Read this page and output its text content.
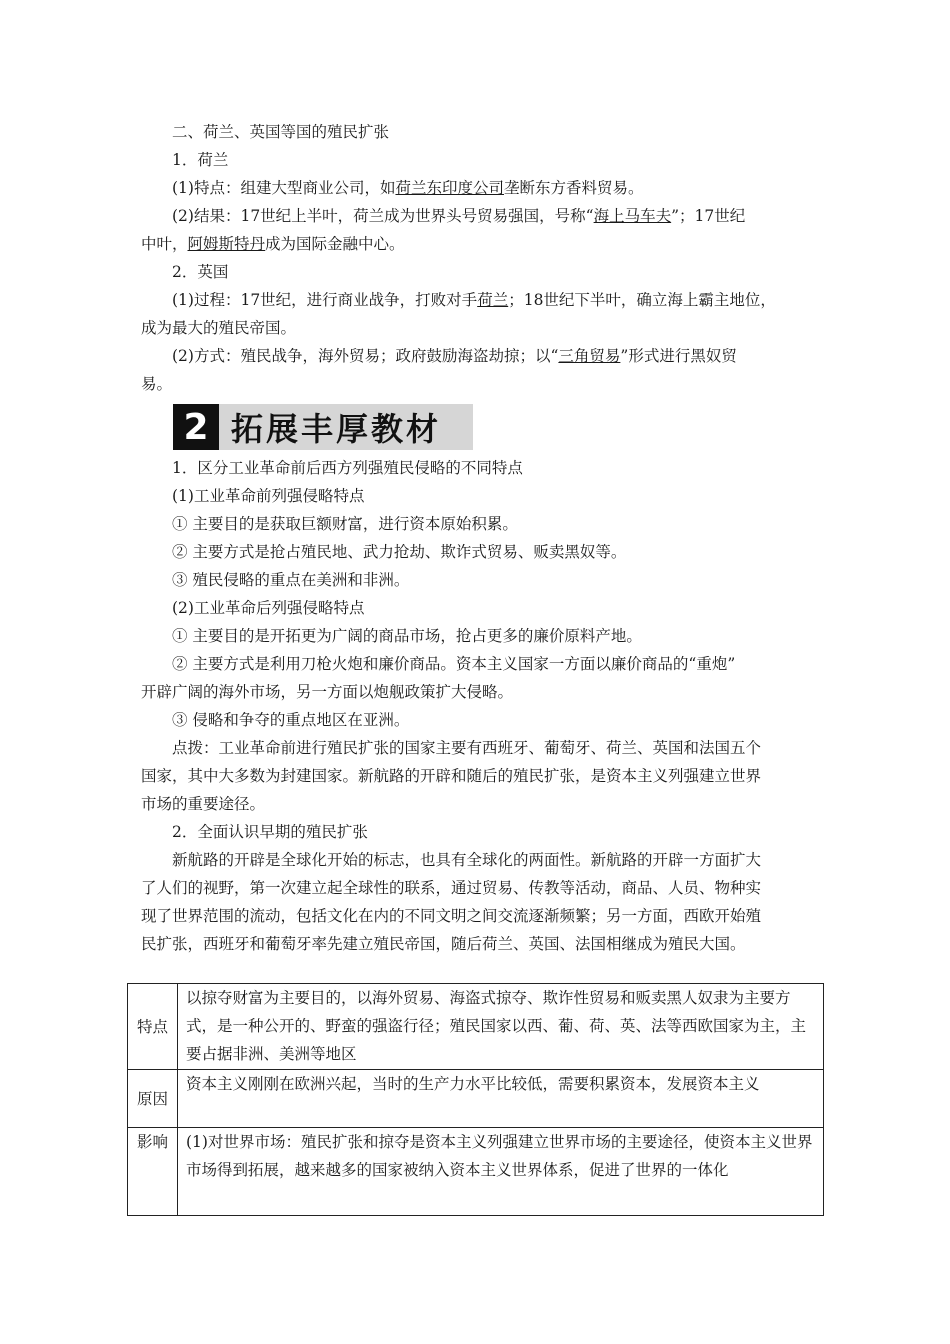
二、荷兰、英国等国的殖民扩张
1．荷兰
(1)特点：组建大型商业公司，如荷兰东印度公司垄断东方香料贸易。
(2)结果：17世纪上半叶，荷兰成为世界头号贸易强国，号称“海上马车夫”；17世纪
中叶，阿姆斯特丹成为国际金融中心。
2．英国
(1)过程：17世纪，进行商业战争，打败对手荷兰；18世纪下半叶，确立海上霸主地位，
成为最大的殖民帝国。
(2)方式：殖民战争，海外贸易；政府鼓励海盗劫掠；以“三角贸易”形式进行黑奴贸
易。
2 拓展丰厚教材
1．区分工业革命前后西方列强殖民侵略的不同特点
(1)工业革命前列强侵略特点
① 主要目的是获取巨额财富，进行资本原始积累。
② 主要方式是抢占殖民地、武力抢劫、欺诈式贸易、贩卖黑奴等。
③ 殖民侵略的重点在美洲和非洲。
(2)工业革命后列强侵略特点
① 主要目的是开拓更为广阔的商品市场，抢占更多的廉价原料产地。
② 主要方式是利用刀枪火炮和廉价商品。资本主义国家一方面以廉价商品的“重炮”
开辟广阔的海外市场，另一方面以炮舰政策扩大侵略。
③ 侵略和争夺的重点地区在亚洲。
点拨：工业革命前进行殖民扩张的国家主要有西班牙、葡萄牙、荷兰、英国和法国五个
国家，其中大多数为封建国家。新航路的开辟和随后的殖民扩张，是资本主义列强建立世界
市场的重要途径。
2．全面认识早期的殖民扩张
新航路的开辟是全球化开始的标志，也具有全球化的两面性。新航路的开辟一方面扩大
了人们的视野，第一次建立起全球性的联系，通过贸易、传教等活动，商品、人员、物种实
现了世界范围的流动，包括文化在内的不同文明之间交流逐渐频繁；另一方面，西欧开始殖
民扩张，西班牙和葡萄牙率先建立殖民帝国，随后荷兰、英国、法国相继成为殖民大国。
特点	以掠夺财富为主要目的，以海外贸易、海盗式掠夺、欺诈性贸易和贩卖黑人奴隶为主要方式，是一种公开的、野蛮的强盗行径；殖民国家以西、葡、荷、英、法等西欧国家为主，主要占据非洲、美洲等地区
原因	资本主义刚刚在欧洲兴起，当时的生产力水平比较低，需要积累资本，发展资本主义
影响	(1)对世界市场：殖民扩张和掠夺是资本主义列强建立世界市场的主要途径，使资本主义世界市场得到拓展，越来越多的国家被纳入资本主义世界体系，促进了世界的一体化
